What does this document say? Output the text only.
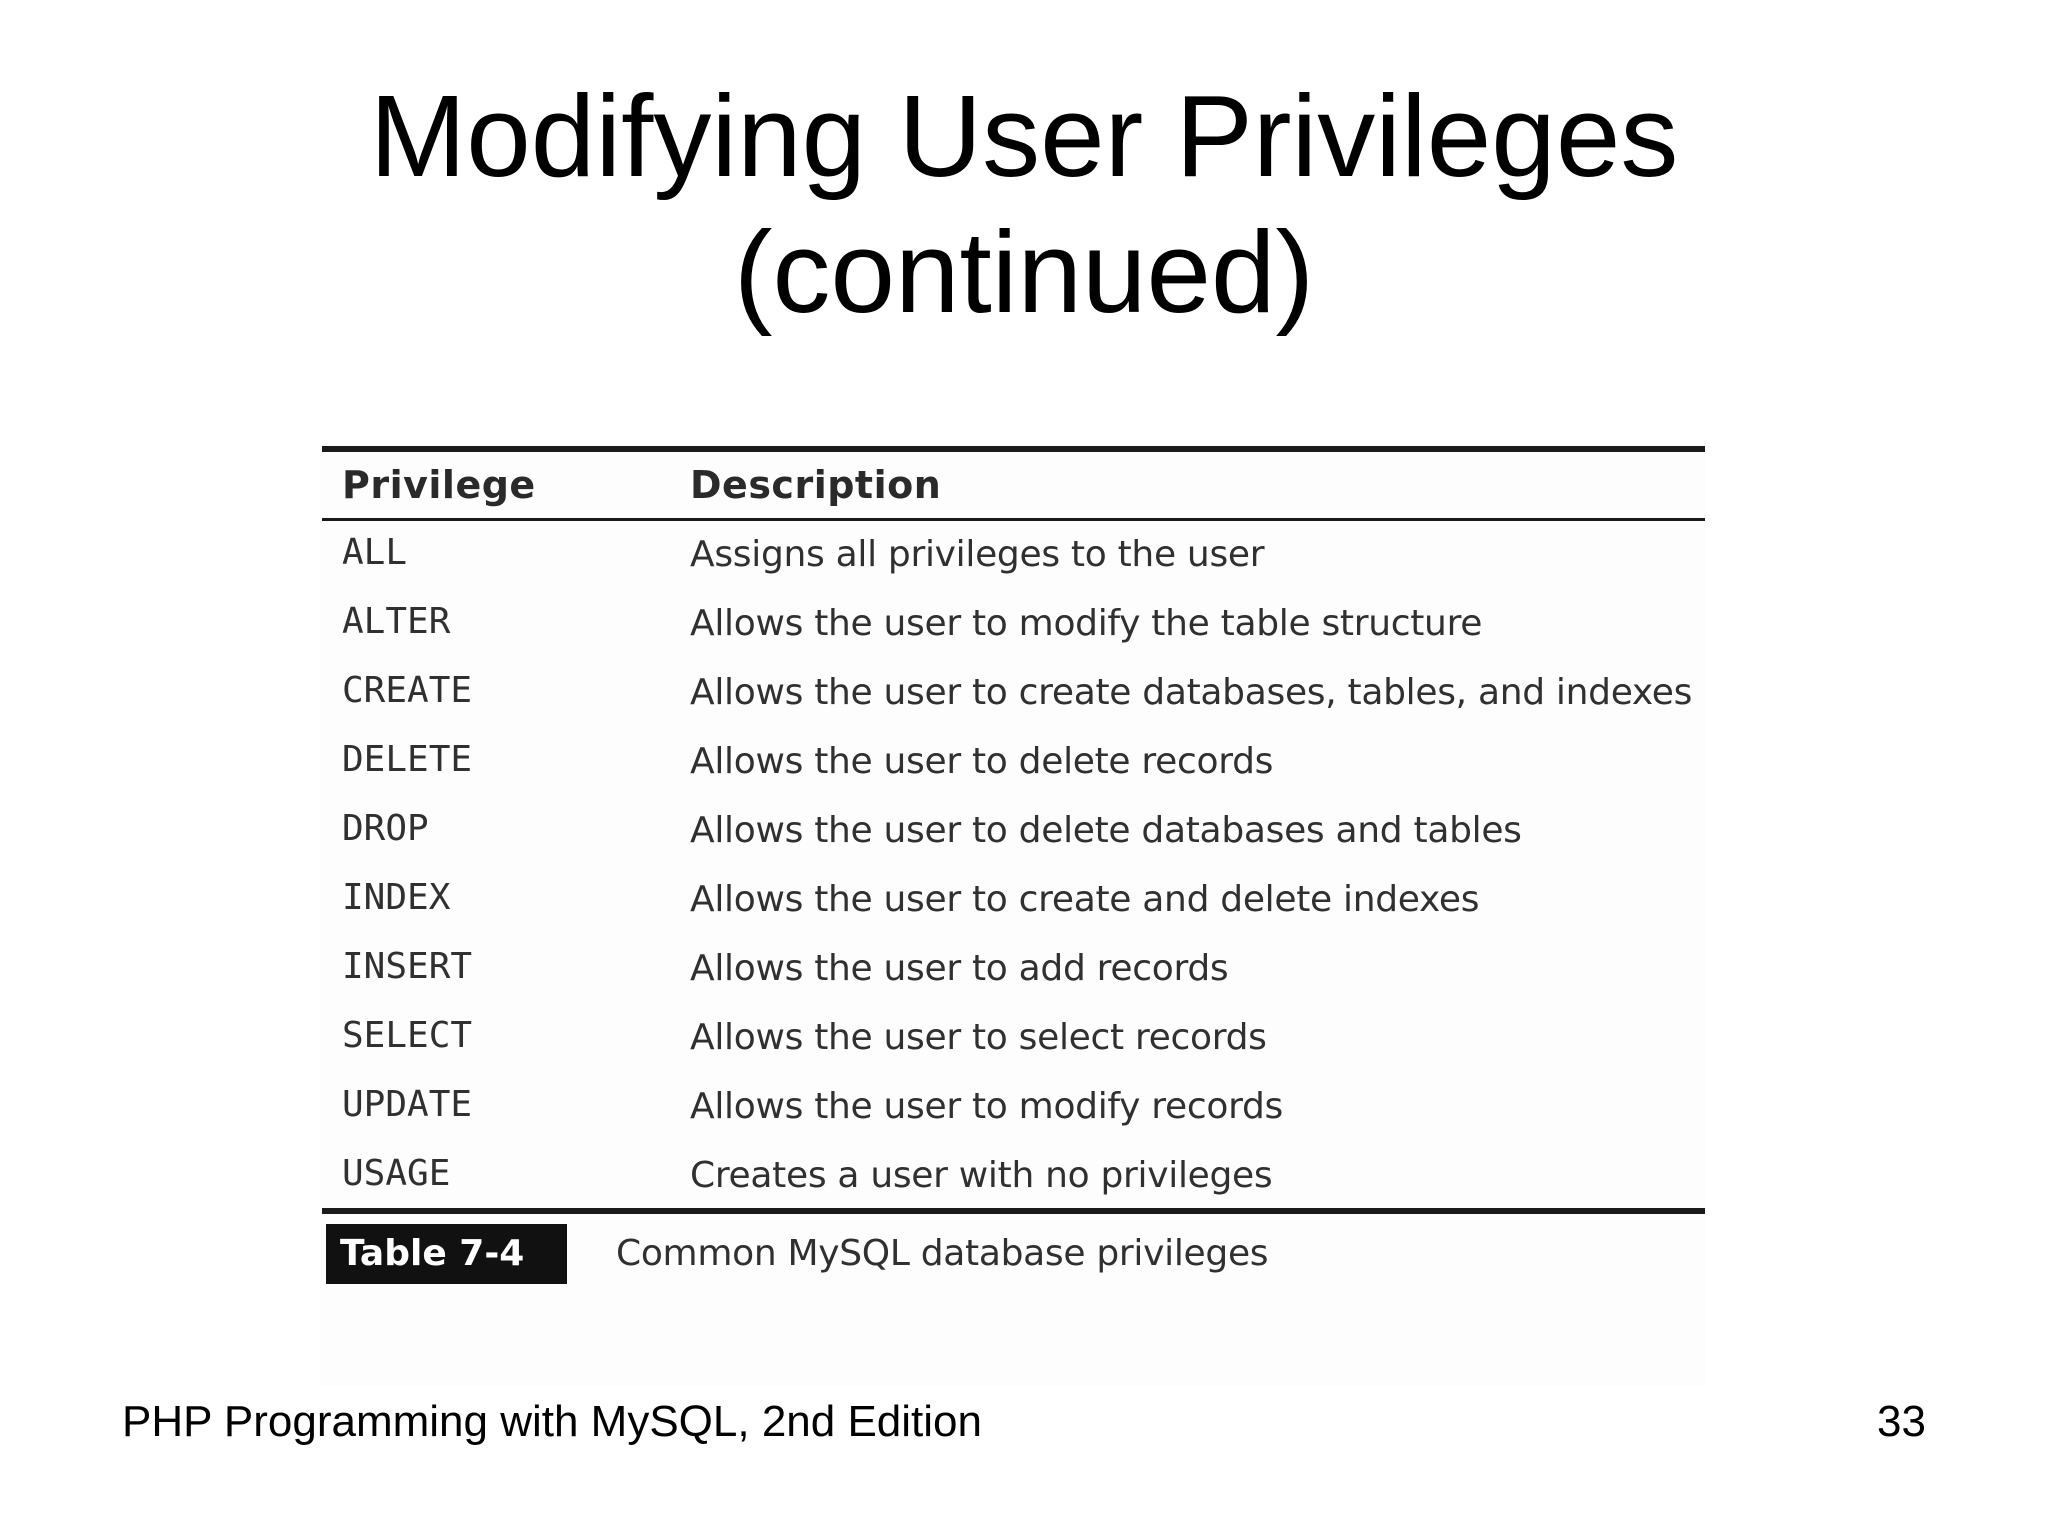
Modifying User Privileges
(continued)
Privilege	Description
ALL	Assigns all privileges to the user
ALTER	Allows the user to modify the table structure
CREATE	Allows the user to create databases, tables, and indexes
DELETE	Allows the user to delete records
DROP	Allows the user to delete databases and tables
INDEX	Allows the user to create and delete indexes
INSERT	Allows the user to add records
SELECT	Allows the user to select records
UPDATE	Allows the user to modify records
USAGE	Creates a user with no privileges
Table 7-4	Common MySQL database privileges
PHP Programming with MySQL, 2nd Edition	33
